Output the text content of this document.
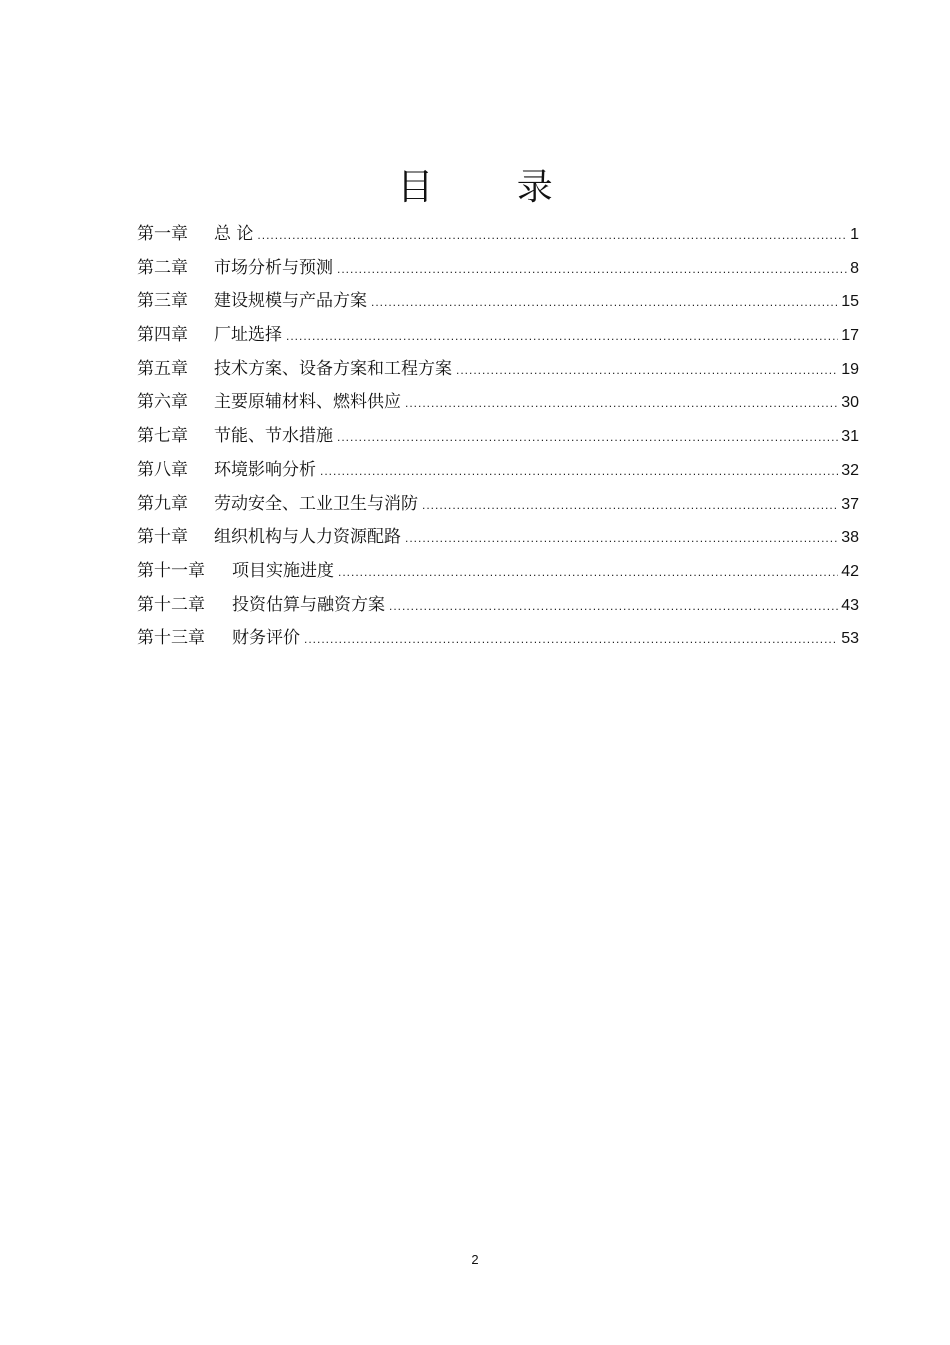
目 录
第一章	总 论 .....	1
第二章	市场分析与预测 .....	8
第三章	建设规模与产品方案 .....	15
第四章	厂址选择 .....	17
第五章	技术方案、设备方案和工程方案 .....	19
第六章	主要原辅材料、燃料供应 .....	30
第七章	节能、节水措施 .....	31
第八章	环境影响分析 .....	32
第九章	劳动安全、工业卫生与消防 .....	37
第十章	组织机构与人力资源配路 .....	38
第十一章	项目实施进度 .....	42
第十二章	投资估算与融资方案 .....	43
第十三章	财务评价 .....	53
2
